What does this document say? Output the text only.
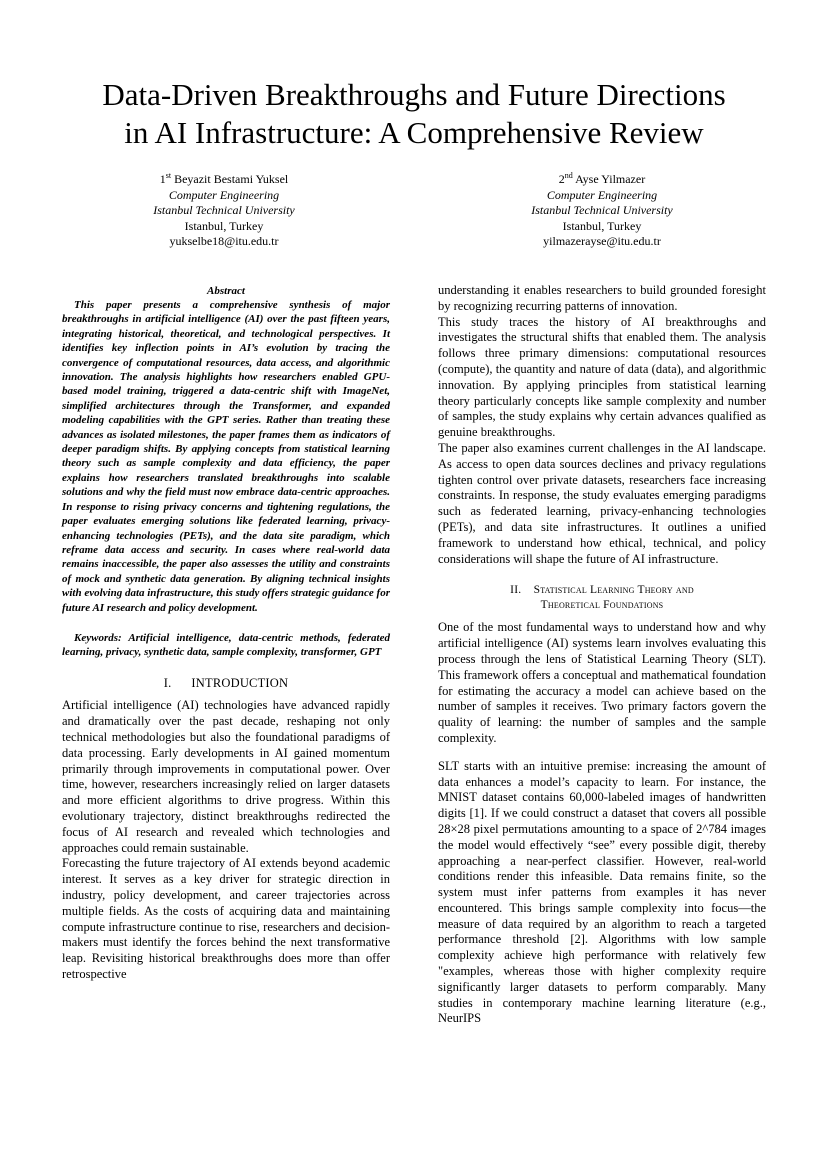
Data-Driven Breakthroughs and Future Directions
in AI Infrastructure: A Comprehensive Review
1st Beyazit Bestami Yuksel
Computer Engineering
Istanbul Technical University
Istanbul, Turkey
yukselbe18@itu.edu.tr
2nd Ayse Yilmazer
Computer Engineering
Istanbul Technical University
Istanbul, Turkey
yilmazerayse@itu.edu.tr

Abstract

This paper presents a comprehensive synthesis of major breakthroughs in artificial intelligence (AI) over the past fifteen years, integrating historical, theoretical, and technological perspectives. It identifies key inflection points in AI’s evolution by tracing the convergence of computational resources, data access, and algorithmic innovation. The analysis highlights how researchers enabled GPU-based model training, triggered a data-centric shift with ImageNet, simplified architectures through the Transformer, and expanded modeling capabilities with the GPT series. Rather than treating these advances as isolated milestones, the paper frames them as indicators of deeper paradigm shifts. By applying concepts from statistical learning theory such as sample complexity and data efficiency, the paper explains how researchers translated breakthroughs into scalable solutions and why the field must now embrace data-centric approaches. In response to rising privacy concerns and tightening regulations, the paper evaluates emerging solutions like federated learning, privacy-enhancing technologies (PETs), and the data site paradigm, which reframe data access and security. In cases where real-world data remains inaccessible, the paper also assesses the utility and constraints of mock and synthetic data generation. By aligning technical insights with evolving data infrastructure, this study offers strategic guidance for future AI research and policy development.

Keywords: Artificial intelligence, data-centric methods, federated learning, privacy, synthetic data, sample complexity, transformer, GPT

I. INTRODUCTION

Artificial intelligence (AI) technologies have advanced rapidly and dramatically over the past decade, reshaping not only technical methodologies but also the foundational paradigms of data processing. Early developments in AI gained momentum primarily through improvements in computational power. Over time, however, researchers increasingly relied on larger datasets and more efficient algorithms to drive progress. Within this evolutionary trajectory, distinct breakthroughs redirected the focus of AI research and revealed which technologies and approaches could remain sustainable.

Forecasting the future trajectory of AI extends beyond academic interest. It serves as a key driver for strategic direction in industry, policy development, and career trajectories across multiple fields. As the costs of acquiring data and maintaining compute infrastructure continue to rise, researchers and decision-makers must identify the forces behind the next transformative leap. Revisiting historical breakthroughs does more than offer retrospective

understanding it enables researchers to build grounded foresight by recognizing recurring patterns of innovation.

This study traces the history of AI breakthroughs and investigates the structural shifts that enabled them. The analysis follows three primary dimensions: computational resources (compute), the quantity and nature of data (data), and algorithmic innovation. By applying principles from statistical learning theory particularly concepts like sample complexity and number of samples, the study explains why certain advances qualified as genuine breakthroughs.

The paper also examines current challenges in the AI landscape. As access to open data sources declines and privacy regulations tighten control over private datasets, researchers face increasing constraints. In response, the study evaluates emerging paradigms such as federated learning, privacy-enhancing technologies (PETs), and data site infrastructures. It outlines a unified framework to understand how ethical, technical, and policy considerations will shape the future of AI infrastructure.

II. Statistical Learning Theory and
Theoretical Foundations

One of the most fundamental ways to understand how and why artificial intelligence (AI) systems learn involves evaluating this process through the lens of Statistical Learning Theory (SLT). This framework offers a conceptual and mathematical foundation for estimating the accuracy a model can achieve based on the number of samples it receives. Two primary factors govern the quality of learning: the number of samples and the sample complexity.

SLT starts with an intuitive premise: increasing the amount of data enhances a model’s capacity to learn. For instance, the MNIST dataset contains 60,000-labeled images of handwritten digits [1]. If we could construct a dataset that covers all possible 28×28 pixel permutations amounting to a space of 2^784 images the model would effectively “see” every possible digit, thereby approaching a near-perfect classifier. However, real-world conditions render this infeasible. Data remains finite, so the system must infer patterns from examples it has never encountered. This brings sample complexity into focus—the measure of data required by an algorithm to reach a targeted performance threshold [2]. Algorithms with low sample complexity achieve high performance with relatively few "examples, whereas those with higher complexity require significantly larger datasets to perform comparably. Many studies in contemporary machine learning literature (e.g., NeurIPS
